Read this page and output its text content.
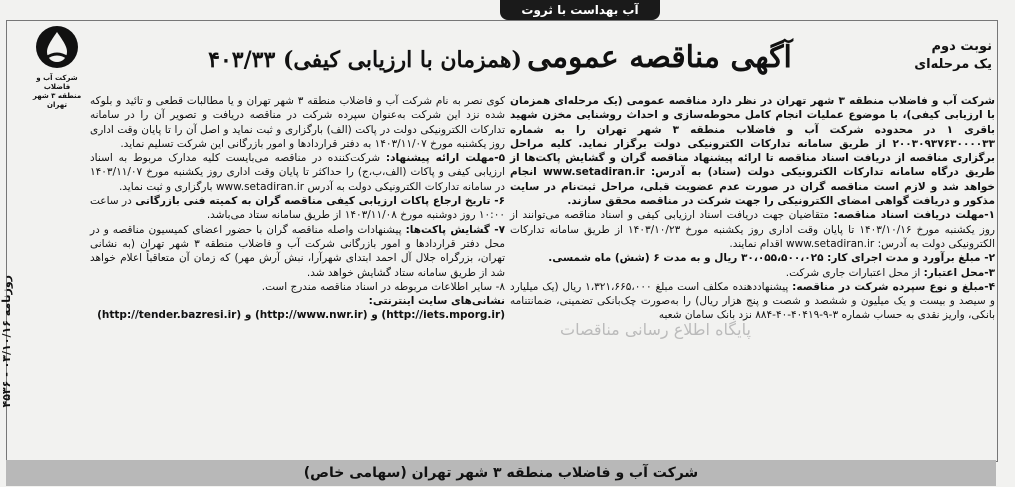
آب بهداست با ثروت
شرکت آب و فاضلاب
منطقه ۳ شهر تهران
نوبت دوم
یک مرحله‌ای
آگهی مناقصه عمومی (همزمان با ارزیابی کیفی) ۴۰۳/۳۳

شرکت آب و فاضلاب منطقه ۳ شهر تهران در نظر دارد مناقصه عمومی (یک مرحله‌ای همزمان با ارزیابی کیفی)، با موضوع عملیات انجام کامل محوطه‌سازی و احداث روشنایی مخزن شهید باقری ۱ در محدوده شرکت آب و فاضلاب منطقه ۳ شهر تهران را به شماره ۲۰۰۳۰۹۳۷۶۳۰۰۰۰۳۳ از طریق سامانه تدارکات الکترونیکی دولت برگزار نماید. کلیه مراحل برگزاری مناقصه از دریافت اسناد مناقصه تا ارائه پیشنهاد مناقصه گران و گشایش پاکت‌ها از طریق درگاه سامانه تدارکات الکترونیکی دولت (ستاد) به آدرس: www.setadiran.ir انجام خواهد شد و لازم است مناقصه گران در صورت عدم عضویت قبلی، مراحل ثبت‌نام در سایت مذکور و دریافت گواهی امضای الکترونیکی را جهت شرکت در مناقصه محقق سازند.

۱-مهلت دریافت اسناد مناقصه: متقاضیان جهت دریافت اسناد ارزیابی کیفی و اسناد مناقصه می‌توانند از روز یکشنبه مورخ ۱۴۰۳/۱۰/۱۶ تا پایان وقت اداری روز یکشنبه مورخ ۱۴۰۳/۱۰/۲۳ از طریق سامانه تدارکات الکترونیکی دولت به آدرس: www.setadiran.ir اقدام نمایند.

۲- مبلغ برآورد و مدت اجرای کار: ۳۰،۰۵۵،۵۰۰،۰۲۵ ریال و به مدت ۶ (شش) ماه شمسی.

۳-محل اعتبار: از محل اعتبارات جاری شرکت.

۴-مبلغ و نوع سپرده شرکت در مناقصه: پیشنهاددهنده مکلف است مبلغ ۱،۳۲۱،۶۶۵،۰۰۰ ریال (یک میلیارد و سیصد و بیست و یک میلیون و ششصد و شصت و پنج هزار ریال) را به‌صورت چک‌بانکی تضمینی، ضمانتنامه بانکی، واریز نقدی به حساب شماره ۳-۹-۴۰۴۱۹-۴۰-۸۸۴ نزد بانک سامان شعبه

کوی نصر به نام شرکت آب و فاضلاب منطقه ۳ شهر تهران و یا مطالبات قطعی و تائید و بلوکه شده نزد این شرکت به‌عنوان سپرده شرکت در مناقصه دریافت و تصویر آن را در سامانه تدارکات الکترونیکی دولت در پاکت (الف) بارگزاری و ثبت نماید و اصل آن را تا پایان وقت اداری روز یکشنبه مورخ ۱۴۰۳/۱۱/۰۷ به دفتر قراردادها و امور بازرگانی این شرکت تسلیم نماید.

۵-مهلت ارائه پیشنهاد: شرکت‌کننده در مناقصه می‌بایست کلیه مدارک مربوط به اسناد ارزیابی کیفی و پاکات (الف،ب،ج) را حداکثر تا پایان وقت اداری روز یکشنبه مورخ ۱۴۰۳/۱۱/۰۷ در سامانه تدارکات الکترونیکی دولت به آدرس www.setadiran.ir بارگزاری و ثبت نماید.

۶- تاریخ ارجاع پاکات ارزیابی کیفی مناقصه گران به کمیته فنی بازرگانی در ساعت ۱۰:۰۰ روز دوشنبه مورخ ۱۴۰۳/۱۱/۰۸ از طریق سامانه ستاد می‌باشد.

۷- گشایش پاکت‌ها: پیشنهادات واصله مناقصه گران با حضور اعضای کمیسیون مناقصه و در محل دفتر قراردادها و امور بازرگانی شرکت آب و فاضلاب منطقه ۳ شهر تهران (به نشانی تهران، بزرگراه جلال آل احمد ابتدای شهرآرا، نبش آرش مهر) که زمان آن متعاقباً اعلام خواهد شد از طریق سامانه ستاد گشایش خواهد شد.

۸- سایر اطلاعات مربوطه در اسناد مناقصه مندرج است.

نشانی‌های سایت اینترنتی:

(http://tender.bazresi.ir) و (http://www.nwr.ir) و (http://iets.mporg.ir)

پایگاه اطلاع رسانی مناقصات
روزنامه ۰۳/۱۰/۱۶ - ۴۵۳۶
شرکت آب و فاضلاب منطقه ۳ شهر تهران (سهامی خاص)
